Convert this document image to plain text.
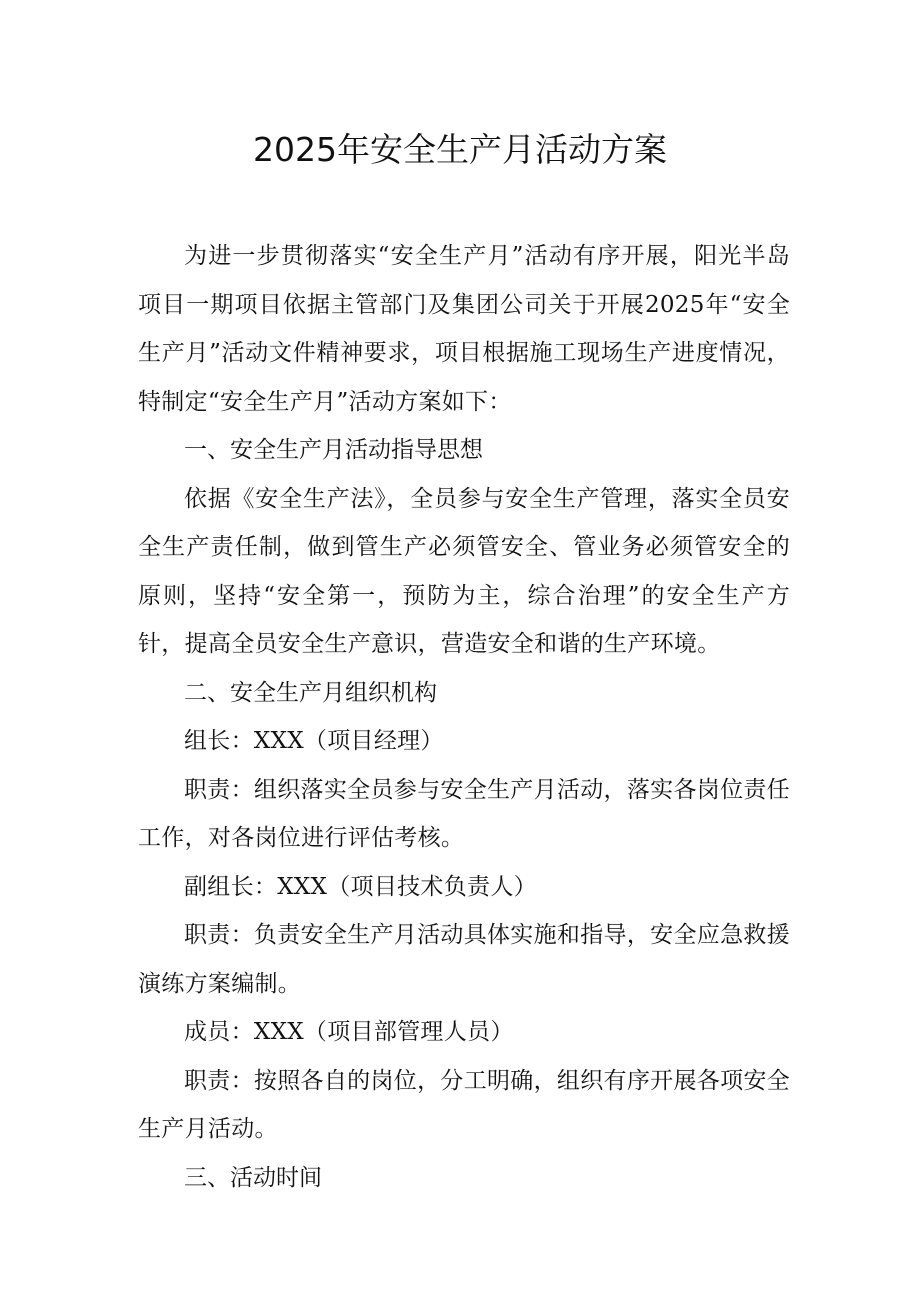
2025年安全生产月活动方案

为进一步贯彻落实“安全生产月”活动有序开展，阳光半岛项目一期项目依据主管部门及集团公司关于开展2025年“安全生产月”活动文件精神要求，项目根据施工现场生产进度情况，特制定“安全生产月”活动方案如下：

一、安全生产月活动指导思想

依据《安全生产法》，全员参与安全生产管理，落实全员安全生产责任制，做到管生产必须管安全、管业务必须管安全的原则，坚持“安全第一，预防为主，综合治理”的安全生产方针，提高全员安全生产意识，营造安全和谐的生产环境。

二、安全生产月组织机构

组长：XXX（项目经理）

职责：组织落实全员参与安全生产月活动，落实各岗位责任工作，对各岗位进行评估考核。

副组长：XXX（项目技术负责人）

职责：负责安全生产月活动具体实施和指导，安全应急救援演练方案编制。

成员：XXX（项目部管理人员）

职责：按照各自的岗位，分工明确，组织有序开展各项安全生产月活动。

三、活动时间
